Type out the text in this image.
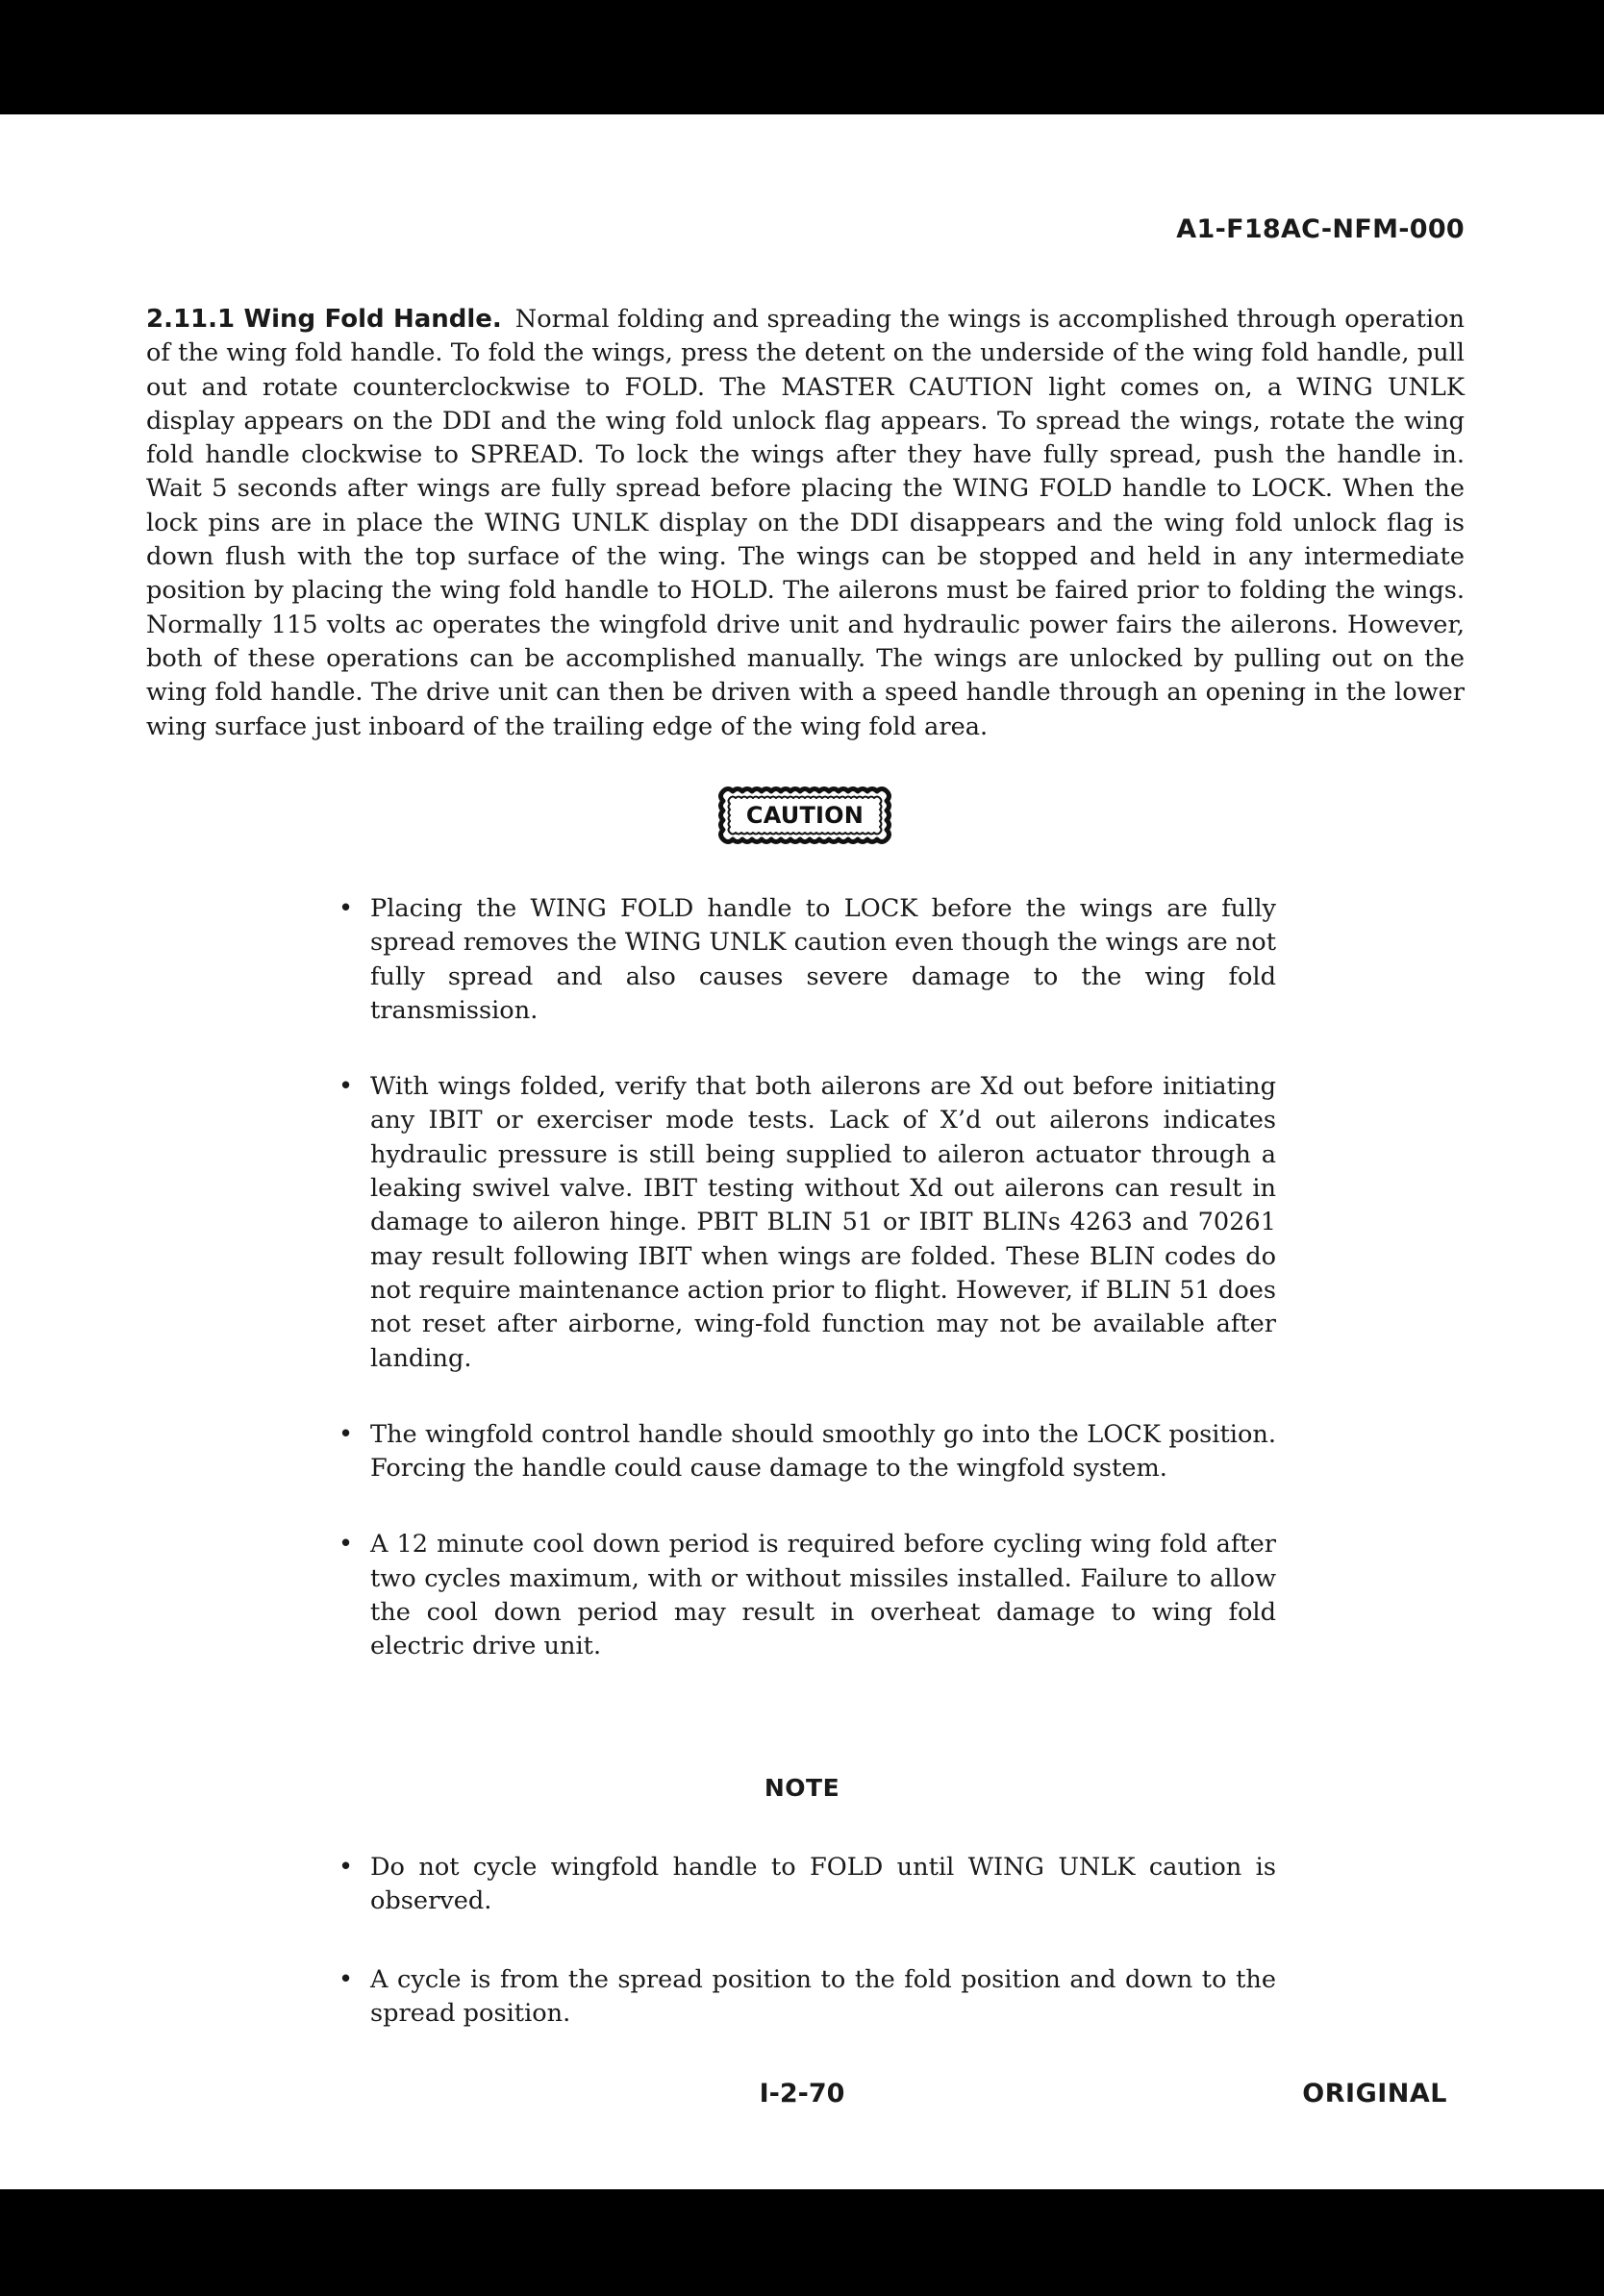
A1-F18AC-NFM-000

2.11.1 Wing Fold Handle. Normal folding and spreading the wings is accomplished through operation of the wing fold handle. To fold the wings, press the detent on the underside of the wing fold handle, pull out and rotate counterclockwise to FOLD. The MASTER CAUTION light comes on, a WING UNLK display appears on the DDI and the wing fold unlock flag appears. To spread the wings, rotate the wing fold handle clockwise to SPREAD. To lock the wings after they have fully spread, push the handle in. Wait 5 seconds after wings are fully spread before placing the WING FOLD handle to LOCK. When the lock pins are in place the WING UNLK display on the DDI disappears and the wing fold unlock flag is down flush with the top surface of the wing. The wings can be stopped and held in any intermediate position by placing the wing fold handle to HOLD. The ailerons must be faired prior to folding the wings. Normally 115 volts ac operates the wingfold drive unit and hydraulic power fairs the ailerons. However, both of these operations can be accomplished manually. The wings are unlocked by pulling out on the wing fold handle. The drive unit can then be driven with a speed handle through an opening in the lower wing surface just inboard of the trailing edge of the wing fold area.

CAUTION
• Placing the WING FOLD handle to LOCK before the wings are fully spread removes the WING UNLK caution even though the wings are not fully spread and also causes severe damage to the wing fold transmission.
• With wings folded, verify that both ailerons are Xd out before initiating any IBIT or exerciser mode tests. Lack of X’d out ailerons indicates hydraulic pressure is still being supplied to aileron actuator through a leaking swivel valve. IBIT testing without Xd out ailerons can result in damage to aileron hinge. PBIT BLIN 51 or IBIT BLINs 4263 and 70261 may result following IBIT when wings are folded. These BLIN codes do not require maintenance action prior to flight. However, if BLIN 51 does not reset after airborne, wing-fold function may not be available after landing.
• The wingfold control handle should smoothly go into the LOCK position. Forcing the handle could cause damage to the wingfold system.
• A 12 minute cool down period is required before cycling wing fold after two cycles maximum, with or without missiles installed. Failure to allow the cool down period may result in overheat damage to wing fold electric drive unit.
NOTE
• Do not cycle wingfold handle to FOLD until WING UNLK caution is observed.
• A cycle is from the spread position to the fold position and down to the spread position.
I-2-70	ORIGINAL
